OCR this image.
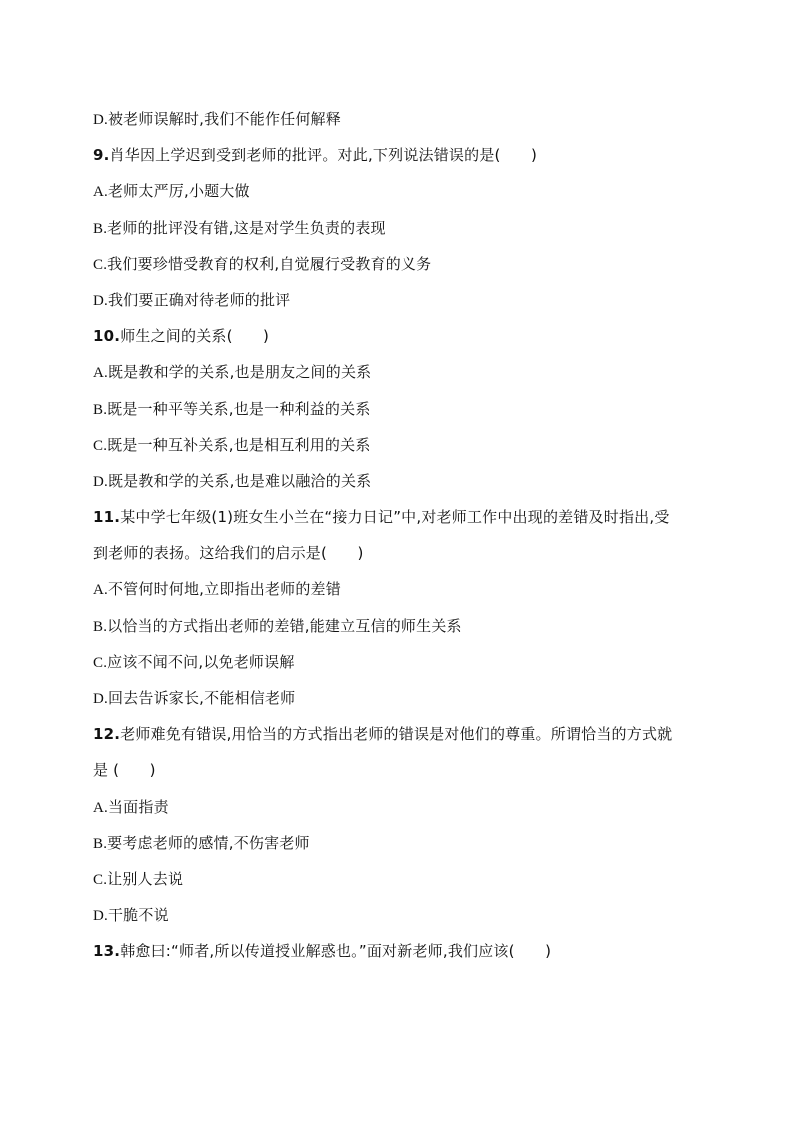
D.被老师误解时,我们不能作任何解释
9.肖华因上学迟到受到老师的批评。对此,下列说法错误的是(　　)
A.老师太严厉,小题大做
B.老师的批评没有错,这是对学生负责的表现
C.我们要珍惜受教育的权利,自觉履行受教育的义务
D.我们要正确对待老师的批评
10.师生之间的关系(　　)
A.既是教和学的关系,也是朋友之间的关系
B.既是一种平等关系,也是一种利益的关系
C.既是一种互补关系,也是相互利用的关系
D.既是教和学的关系,也是难以融洽的关系
11.某中学七年级(1)班女生小兰在“接力日记”中,对老师工作中出现的差错及时指出,受
到老师的表扬。这给我们的启示是(　　)
A.不管何时何地,立即指出老师的差错
B.以恰当的方式指出老师的差错,能建立互信的师生关系
C.应该不闻不问,以免老师误解
D.回去告诉家长,不能相信老师
12.老师难免有错误,用恰当的方式指出老师的错误是对他们的尊重。所谓恰当的方式就
是 (　　)
A.当面指责
B.要考虑老师的感情,不伤害老师
C.让别人去说
D.干脆不说
13.韩愈曰:“师者,所以传道授业解惑也。”面对新老师,我们应该(　　)
